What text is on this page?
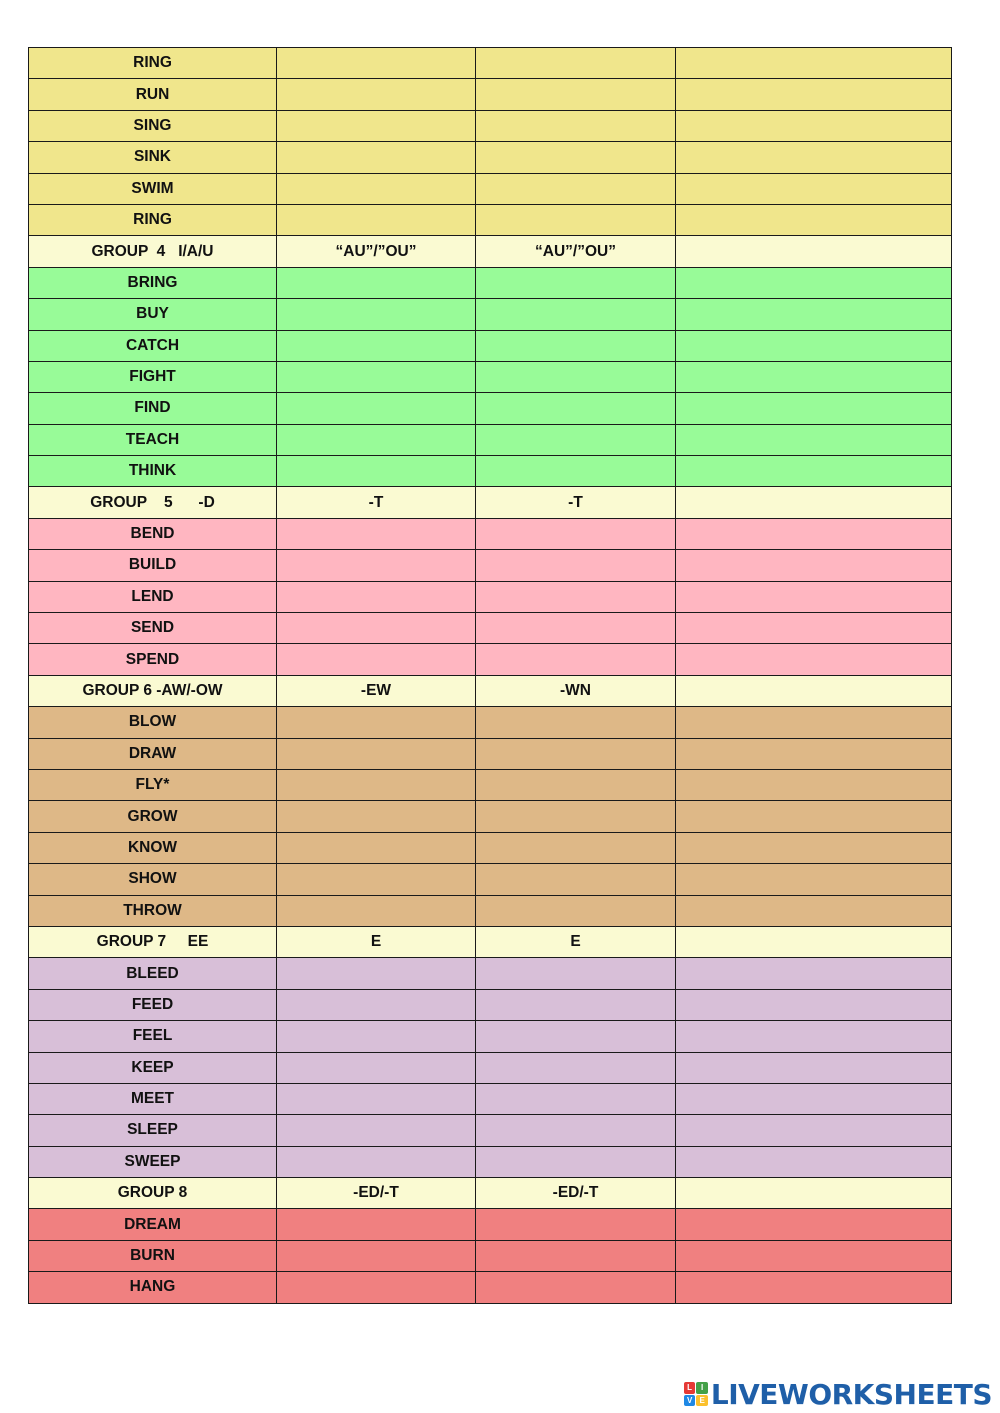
RING			
RUN			
SING			
SINK			
SWIM			
RING			
GROUP  4   I/A/U	“AU”/”OU”	“AU”/”OU”	
BRING			
BUY			
CATCH			
FIGHT			
FIND			
TEACH			
THINK			
GROUP    5      -D	-T	-T	
BEND			
BUILD			
LEND			
SEND			
SPEND			
GROUP 6 -AW/-OW	-EW	-WN	
BLOW			
DRAW			
FLY*			
GROW			
KNOW			
SHOW			
THROW			
GROUP 7     EE	E	E	
BLEED			
FEED			
FEEL			
KEEP			
MEET			
SLEEP			
SWEEP			
GROUP 8	-ED/-T	-ED/-T	
DREAM			
BURN			
HANG			
L	I
V E LIVEWORKSHEETS
